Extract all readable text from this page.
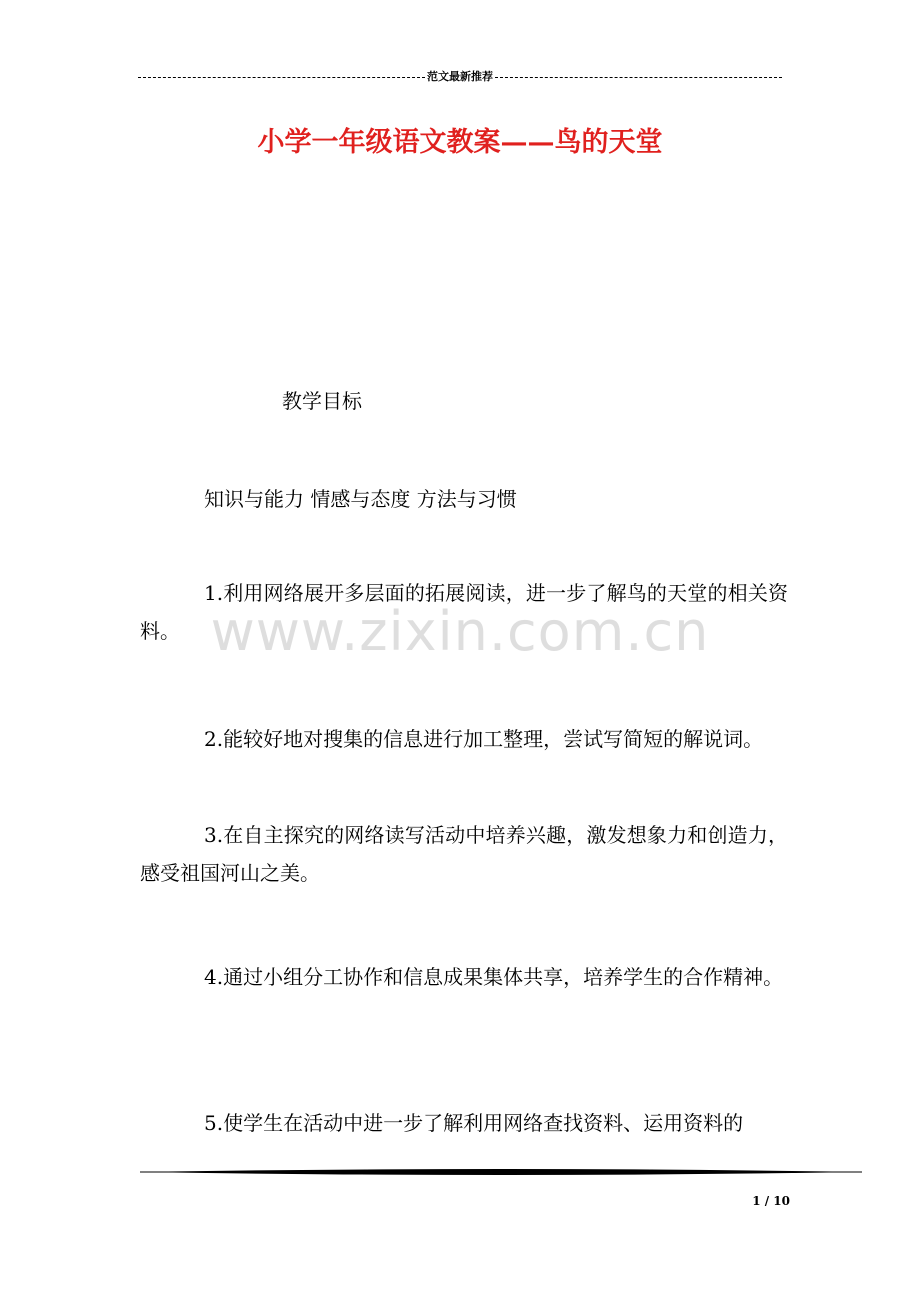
范文最新推荐
小学一年级语文教案——鸟的天堂
教学目标
知识与能力 情感与态度 方法与习惯
1.利用网络展开多层面的拓展阅读，进一步了解鸟的天堂的相关资料。
2.能较好地对搜集的信息进行加工整理，尝试写简短的解说词。
3.在自主探究的网络读写活动中培养兴趣，激发想象力和创造力，感受祖国河山之美。
4.通过小组分工协作和信息成果集体共享，培养学生的合作精神。
5.使学生在活动中进一步了解利用网络查找资料、运用资料的
www.zixin.com.cn
1 / 10
